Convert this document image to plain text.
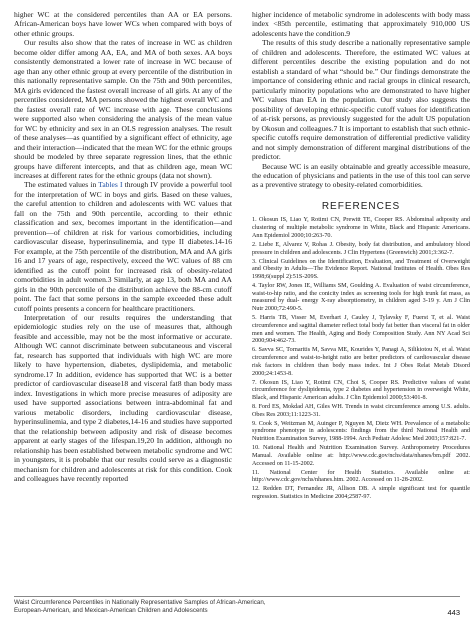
higher WC at the considered percentiles than AA or EA persons. African-American boys have lower WCs when compared with boys of other ethnic groups.

Our results also show that the rates of increase in WC as children become older differ among AA, EA, and MA of both sexes. AA boys consistently demonstrated a lower rate of increase in WC because of age than any other ethnic group at every percentile of the distribution in this nationally representative sample. On the 75th and 90th percentiles, MA girls evidenced the fastest overall increase of all girls. At any of the percentiles considered, MA persons showed the highest overall WC and the fastest overall rate of WC increase with age. These conclusions were supported also when considering the analysis of the mean value for WC by ethnicity and sex in an OLS regression analyses. The result of these analyses—as quantified by a significant effect of ethnicity, age and their interaction—indicated that the mean WC for the ethnic groups should be modeled by three separate regression lines, that the ethnic groups have different intercepts, and that as children age, mean WC increases at different rates for the ethnic groups (data not shown).

The estimated values in Tables I through IV provide a powerful tool for the interpretation of WC in boys and girls. Based on these values, the careful attention to children and adolescents with WC values that fall on the 75th and 90th percentile, according to their ethnic classification and sex, becomes important in the identification—and prevention—of children at risk for various comorbidities, including cardiovascular disease, hyperinsulinemia, and type II diabetes.14-16 For example, at the 75th percentile of the distribution, MA and AA girls 16 and 17 years of age, respectively, exceed the WC values of 88 cm identified as the cutoff point for increased risk of obesity-related comorbidities in adult women.3 Similarly, at age 13, both MA and AA girls in the 90th percentile of the distribution achieve the 88-cm cutoff point. The fact that some persons in the sample exceeded these adult cutoff points presents a concern for healthcare practitioners.

Interpretation of our results requires the understanding that epidemiologic studies rely on the use of measures that, although feasible and accessible, may not be the most informative or accurate. Although WC cannot discriminate between subcutaneous and visceral fat, research has supported that individuals with high WC are more likely to have hypertension, diabetes, dyslipidemia, and metabolic syndrome.17 In addition, evidence has supported that WC is a better predictor of cardiovascular disease18 and visceral fat8 than body mass index. Investigations in which more precise measures of adiposity are used have supported associations between intra-abdominal fat and various metabolic disorders, including cardiovascular disease, hyperinsulinemia, and type 2 diabetes,14-16 and studies have supported that the relationship between adiposity and risk of disease becomes apparent at early stages of the lifespan.19,20 In addition, although no relationship has been established between metabolic syndrome and WC in youngsters, it is probable that our results could serve as a diagnostic mechanism for children and adolescents at risk for this condition. Cook and colleagues have recently reported

higher incidence of metabolic syndrome in adolescents with body mass index <85th percentile, estimating that approximately 910,000 US adolescents have the condition.9

The results of this study describe a nationally representative sample of children and adolescents. Therefore, the estimated WC values at different percentiles describe the existing population and do not establish a standard of what “should be.” Our findings demonstrate the importance of considering ethnic and racial groups in clinical research, particularly minority populations who are demonstrated to have higher WC values than EA in the population. Our study also suggests the possibility of developing ethnic-specific cutoff values for identification of at-risk persons, as previously suggested for the adult US population by Okosun and colleagues.7 It is important to establish that such ethnic-specific cutoffs require demonstration of differential predictive validity and not simply demonstration of different marginal distributions of the predictor.

Because WC is an easily obtainable and greatly accessible measure, the education of physicians and patients in the use of this tool can serve as a preventive strategy to obesity-related comorbidities.

REFERENCES
1. Okosun IS, Liao Y, Rotimi CN, Prewitt TE, Cooper RS. Abdominal adiposity and clustering of multiple metabolic syndrome in White, Black and Hispanic Americans. Ann Epidemiol 2000;10:263-70.
2. Liebe E, Alvarez V, Rohas J. Obesity, body fat distribution, and ambulatory blood pressure in children and adolescents. J Clin Hypertens (Greenwich) 2001;3:362-7.
3. Clinical Guidelines on the Identification, Evaluation, and Treatment of Overweight and Obesity in Adults—The Evidence Report. National Institutes of Health. Obes Res 1998;6(suppl 2):51S-209S.
4. Taylor RW, Jones IE, Williams SM, Goulding A. Evaluation of waist circumference, waist-to-hip ratio, and the conicity index as screening tools for high trunk fat mass, as measured by dual- energy X-ray absorptiometry, in children aged 3-19 y. Am J Clin Nutr 2000;72:490-5.
5. Harris TB, Visser M, Everhart J, Cauley J, Tylavsky F, Fuerst T, et al. Waist circumference and sagittal diameter reflect total body fat better than visceral fat in older men and women. The Health, Aging and Body Composition Study. Ann NY Acad Sci 2000;904:462-73.
6. Savva SC, Tornaritis M, Savva ME, Kourides Y, Panagi A, Silikiotou N, et al. Waist circumference and waist-to-height ratio are better predictors of cardiovascular disease risk factors in children than body mass index. Int J Obes Relat Metab Disord 2000;24:1453-8.
7. Okosun IS, Liao Y, Rotimi CN, Choi S, Cooper RS. Predictive values of waist circumference for dyslipidemia, type 2 diabetes and hypertension in overweight White, Black, and Hispanic American adults. J Clin Epidemiol 2000;53:401-8.
8. Ford ES, Mokdad AH, Giles WH. Trends in waist circumference among U.S. adults. Obes Res 2003;11:1223-31.
9. Cook S, Weitzman M, Auinger P, Nguyen M, Dietz WH. Prevalence of a metabolic syndrome phenotype in adolescents: findings from the third National Health and Nutrition Examination Survey, 1988-1994. Arch Pediatr Adolesc Med 2003;157:821-7.
10. National Health and Nutrition Examination Survey. Anthropometry Procedures Manual. Available online at: http://www.cdc.gov/nchs/data/nhanes/bm.pdf 2002. Accessed on 11-15-2002.
11. National Center for Health Statistics. Available online at: http://www.cdc.gov/nchs/nhanes.htm. 2002. Accessed on 11-28-2002.
12. Redden DT, Fernandez JR, Allison DB. A simple significant test for quantile regression. Statistics in Medicine 2004;2587-97.
Waist Circumference Percentiles in Nationally Representative Samples of African-American,
European-American, and Mexican-American Children and Adolescents	443
